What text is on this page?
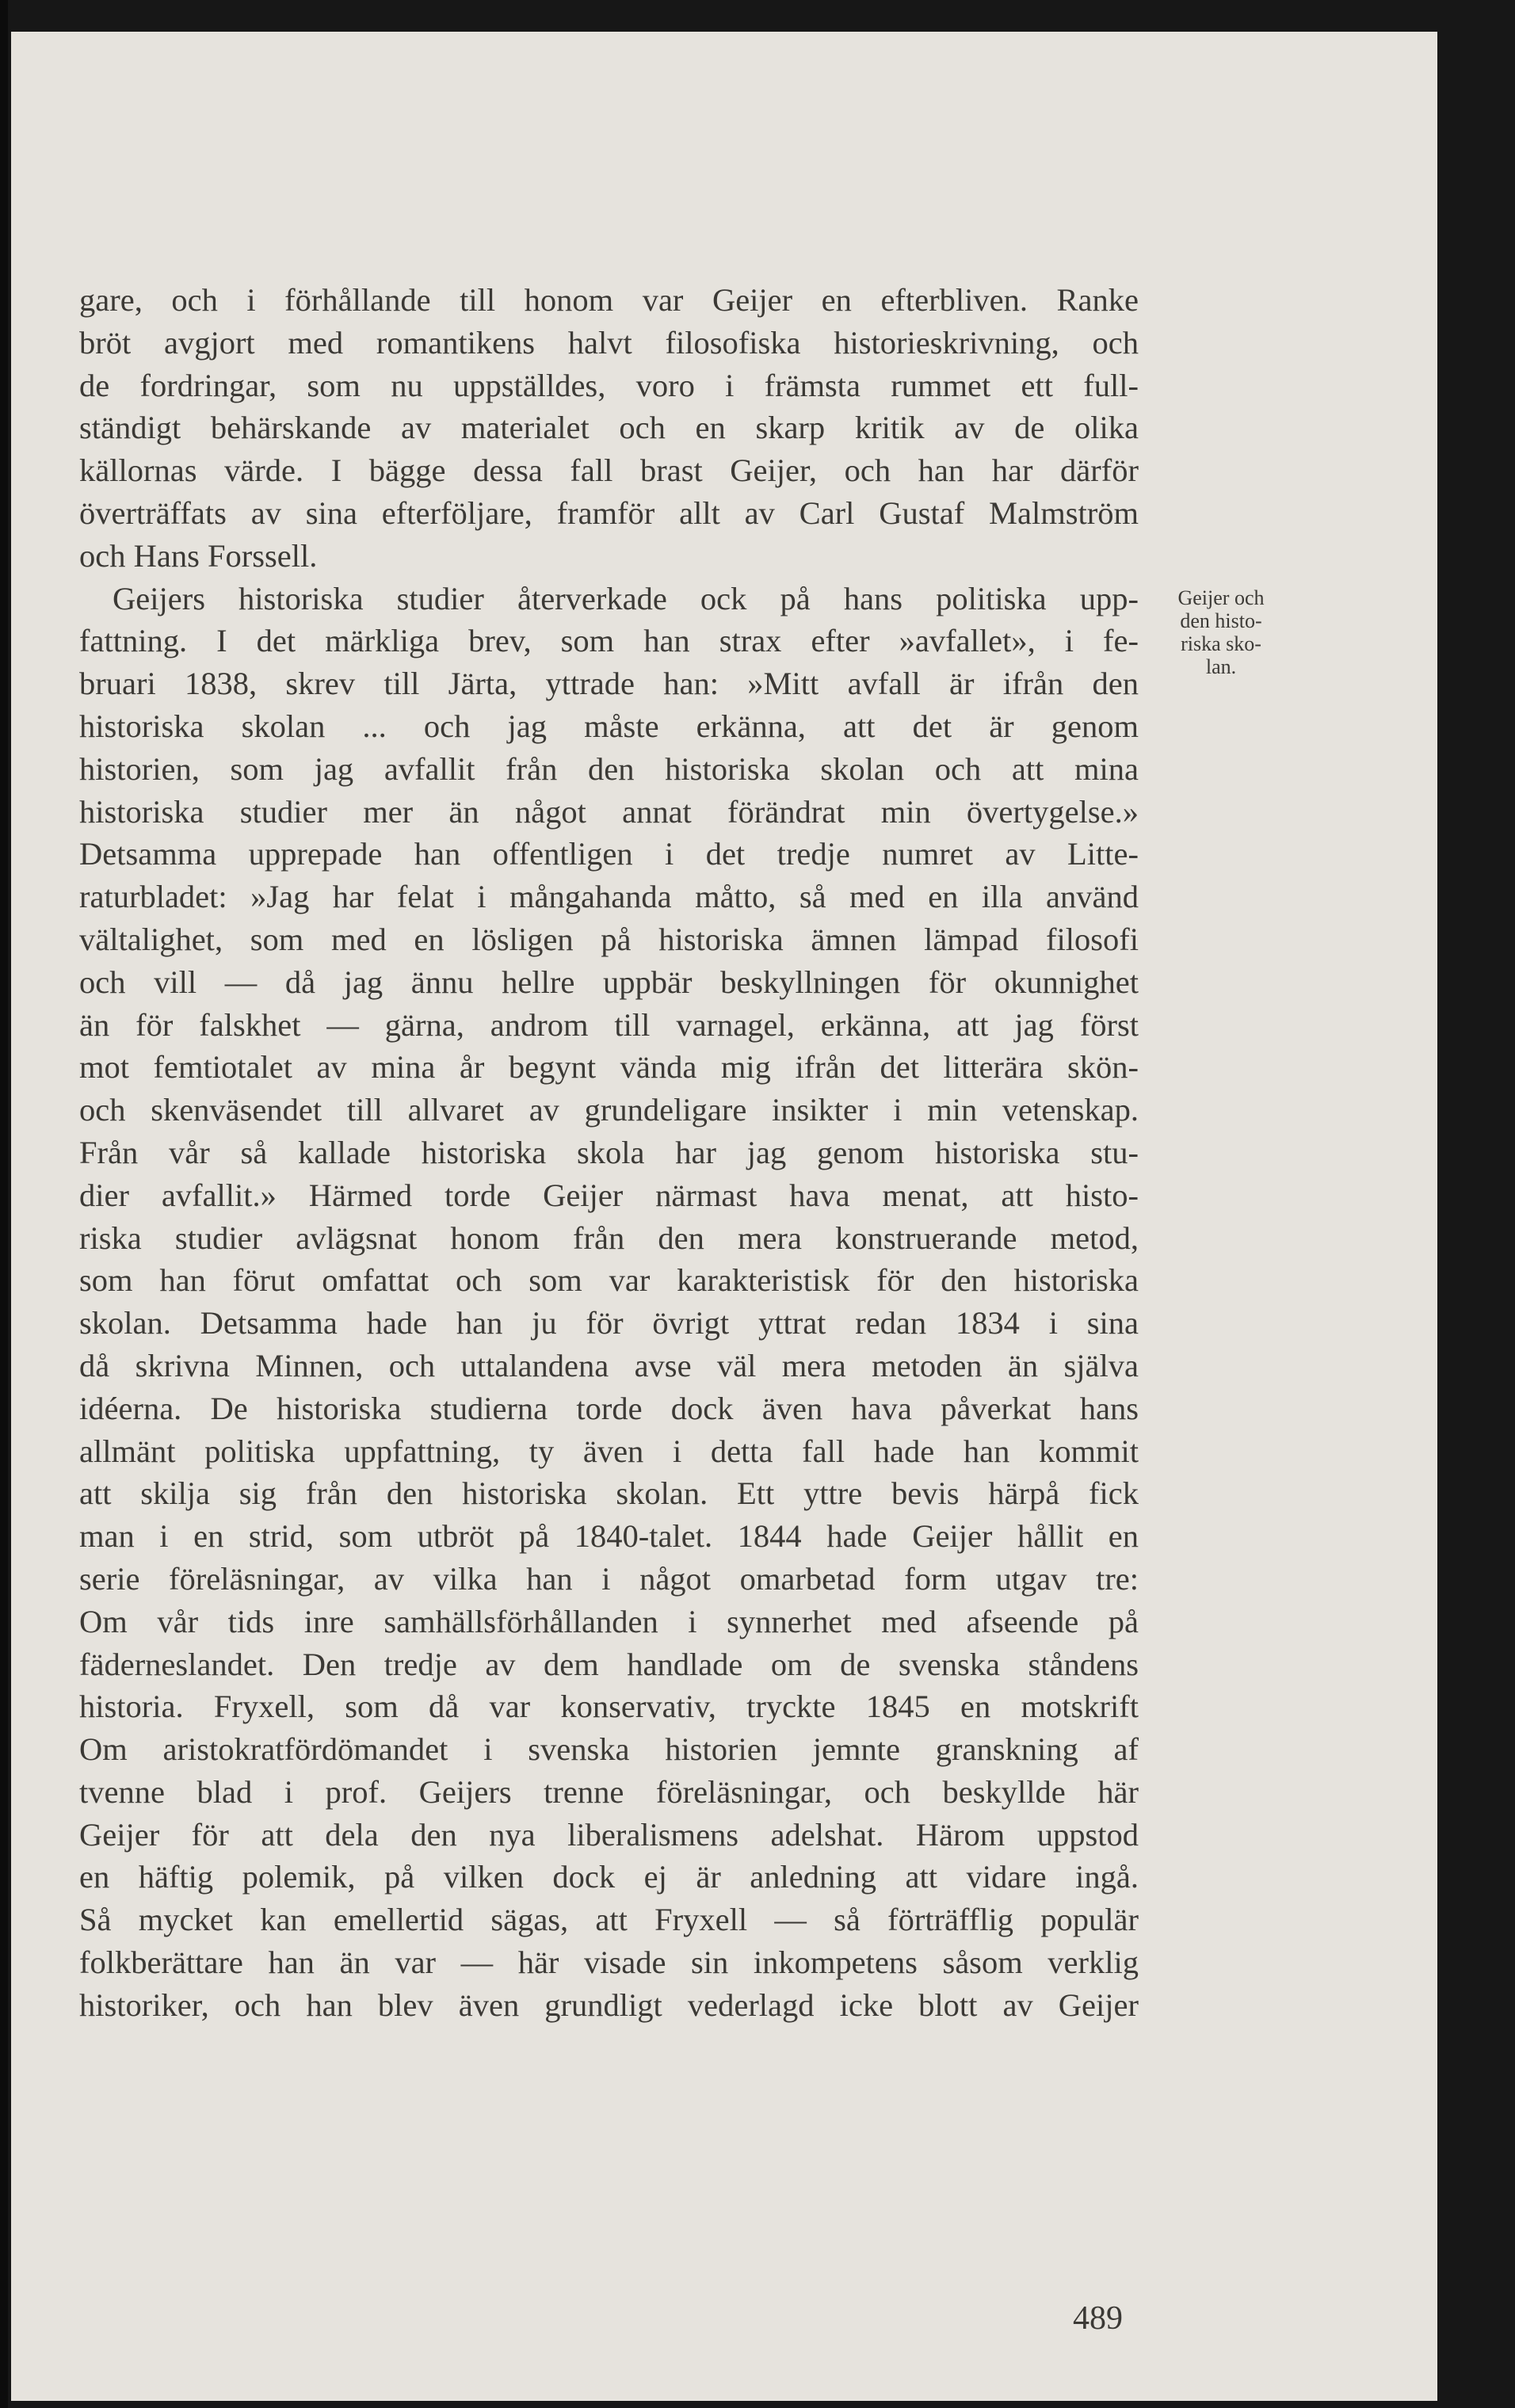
gare, och i förhållande till honom var Geijer en efterbliven. Ranke

bröt avgjort med romantikens halvt filosofiska historieskrivning, och

de fordringar, som nu uppställdes, voro i främsta rummet ett full-

ständigt behärskande av materialet och en skarp kritik av de olika

källornas värde. I bägge dessa fall brast Geijer, och han har därför

överträffats av sina efterföljare, framför allt av Carl Gustaf Malmström

och Hans Forssell.

Geijers historiska studier återverkade ock på hans politiska upp-

fattning. I det märkliga brev, som han strax efter »avfallet», i fe-

bruari 1838, skrev till Järta, yttrade han: »Mitt avfall är ifrån den

historiska skolan ... och jag måste erkänna, att det är genom

historien, som jag avfallit från den historiska skolan och att mina

historiska studier mer än något annat förändrat min övertygelse.»

Detsamma upprepade han offentligen i det tredje numret av Litte-

raturbladet: »Jag har felat i mångahanda måtto, så med en illa använd

vältalighet, som med en lösligen på historiska ämnen lämpad filosofi

och vill — då jag ännu hellre uppbär beskyllningen för okunnighet

än för falskhet — gärna, androm till varnagel, erkänna, att jag först

mot femtiotalet av mina år begynt vända mig ifrån det litterära skön-

och skenväsendet till allvaret av grundeligare insikter i min vetenskap.

Från vår så kallade historiska skola har jag genom historiska stu-

dier avfallit.» Härmed torde Geijer närmast hava menat, att histo-

riska studier avlägsnat honom från den mera konstruerande metod,

som han förut omfattat och som var karakteristisk för den historiska

skolan. Detsamma hade han ju för övrigt yttrat redan 1834 i sina

då skrivna Minnen, och uttalandena avse väl mera metoden än själva

idéerna. De historiska studierna torde dock även hava påverkat hans

allmänt politiska uppfattning, ty även i detta fall hade han kommit

att skilja sig från den historiska skolan. Ett yttre bevis härpå fick

man i en strid, som utbröt på 1840-talet. 1844 hade Geijer hållit en

serie föreläsningar, av vilka han i något omarbetad form utgav tre:

Om vår tids inre samhällsförhållanden i synnerhet med afseende på

fäderneslandet. Den tredje av dem handlade om de svenska ståndens

historia. Fryxell, som då var konservativ, tryckte 1845 en motskrift

Om aristokratfördömandet i svenska historien jemnte granskning af

tvenne blad i prof. Geijers trenne föreläsningar, och beskyllde här

Geijer för att dela den nya liberalismens adelshat. Härom uppstod

en häftig polemik, på vilken dock ej är anledning att vidare ingå.

Så mycket kan emellertid sägas, att Fryxell — så förträfflig populär

folkberättare han än var — här visade sin inkompetens såsom verklig

historiker, och han blev även grundligt vederlagd icke blott av Geijer

Geijer och
den histo-
riska sko-
lan.
489
